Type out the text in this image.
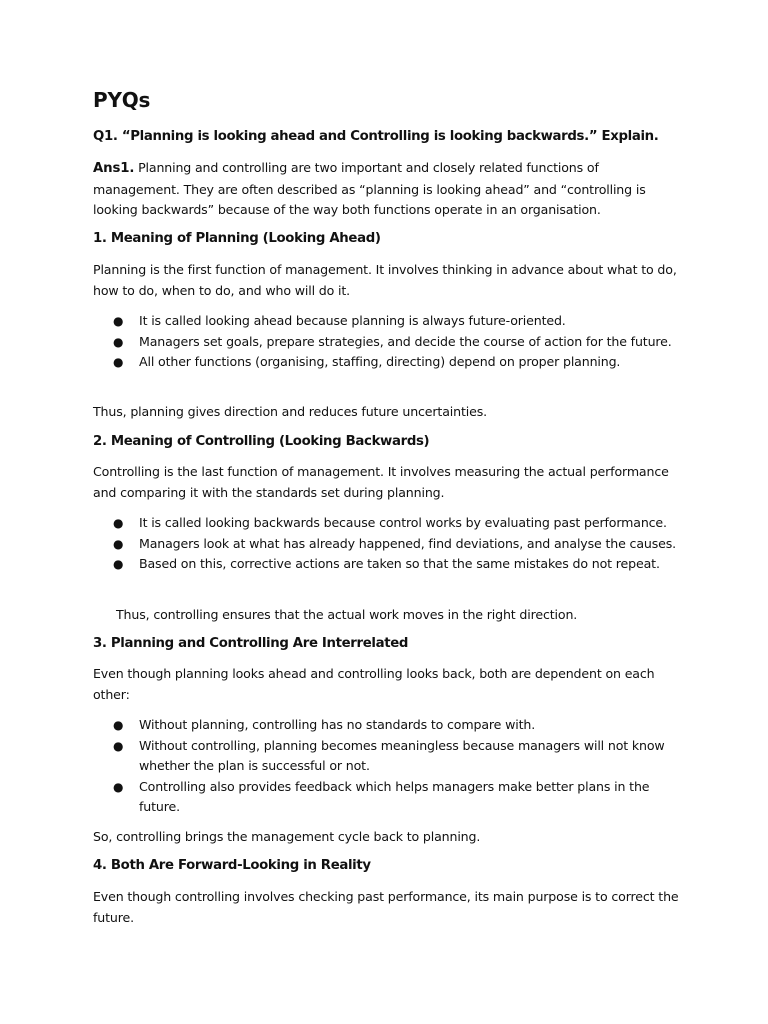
PYQs

Q1. “Planning is looking ahead and Controlling is looking backwards.” Explain.

Ans1. Planning and controlling are two important and closely related functions of management. They are often described as “planning is looking ahead” and “controlling is looking backwards” because of the way both functions operate in an organisation.

1. Meaning of Planning (Looking Ahead)

Planning is the first function of management. It involves thinking in advance about what to do, how to do, when to do, and who will do it.

● It is called looking ahead because planning is always future-oriented.
● Managers set goals, prepare strategies, and decide the course of action for the future.
● All other functions (organising, staffing, directing) depend on proper planning.

Thus, planning gives direction and reduces future uncertainties.

2. Meaning of Controlling (Looking Backwards)

Controlling is the last function of management. It involves measuring the actual performance and comparing it with the standards set during planning.

● It is called looking backwards because control works by evaluating past performance.
● Managers look at what has already happened, find deviations, and analyse the causes.
● Based on this, corrective actions are taken so that the same mistakes do not repeat.

Thus, controlling ensures that the actual work moves in the right direction.

3. Planning and Controlling Are Interrelated

Even though planning looks ahead and controlling looks back, both are dependent on each other:

● Without planning, controlling has no standards to compare with.
● Without controlling, planning becomes meaningless because managers will not know whether the plan is successful or not.
● Controlling also provides feedback which helps managers make better plans in the future.

So, controlling brings the management cycle back to planning.

4. Both Are Forward-Looking in Reality

Even though controlling involves checking past performance, its main purpose is to correct the future.
